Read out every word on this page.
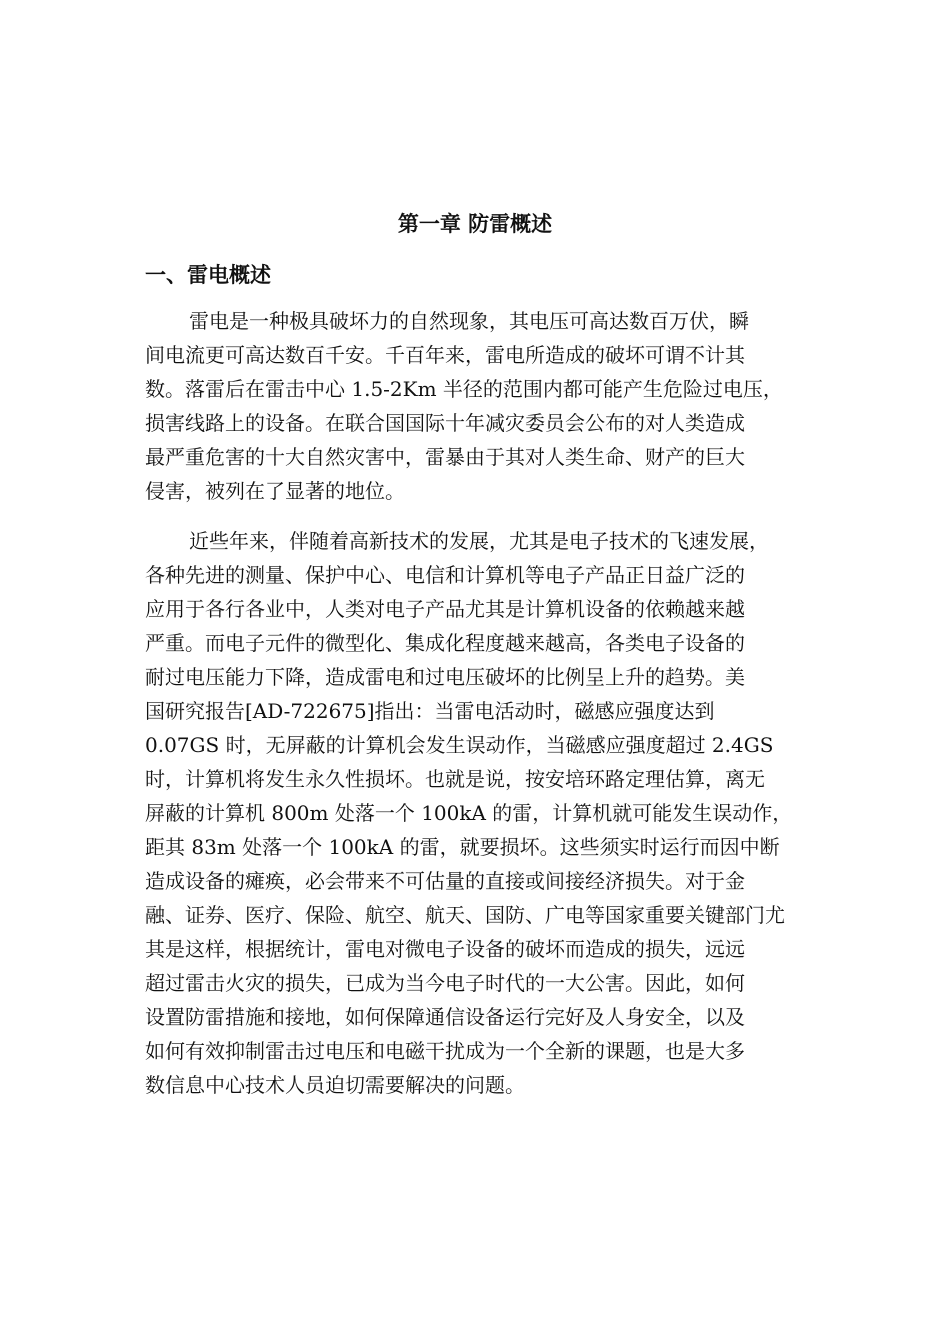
第一章 防雷概述
一、雷电概述
雷电是一种极具破坏力的自然现象，其电压可高达数百万伏，瞬
间电流更可高达数百千安。千百年来，雷电所造成的破坏可谓不计其
数。落雷后在雷击中心 1.5-2Km 半径的范围内都可能产生危险过电压，
损害线路上的设备。在联合国国际十年减灾委员会公布的对人类造成
最严重危害的十大自然灾害中，雷暴由于其对人类生命、财产的巨大
侵害，被列在了显著的地位。
近些年来，伴随着高新技术的发展，尤其是电子技术的飞速发展，
各种先进的测量、保护中心、电信和计算机等电子产品正日益广泛的
应用于各行各业中，人类对电子产品尤其是计算机设备的依赖越来越
严重。而电子元件的微型化、集成化程度越来越高，各类电子设备的
耐过电压能力下降，造成雷电和过电压破坏的比例呈上升的趋势。美
国研究报告[AD-722675]指出：当雷电活动时，磁感应强度达到
0.07GS 时，无屏蔽的计算机会发生误动作，当磁感应强度超过 2.4GS
时，计算机将发生永久性损坏。也就是说，按安培环路定理估算，离无
屏蔽的计算机 800m 处落一个 100kA 的雷，计算机就可能发生误动作，
距其 83m 处落一个 100kA 的雷，就要损坏。这些须实时运行而因中断
造成设备的瘫痪，必会带来不可估量的直接或间接经济损失。对于金
融、证券、医疗、保险、航空、航天、国防、广电等国家重要关键部门尤
其是这样，根据统计，雷电对微电子设备的破坏而造成的损失，远远
超过雷击火灾的损失，已成为当今电子时代的一大公害。因此，如何
设置防雷措施和接地，如何保障通信设备运行完好及人身安全，以及
如何有效抑制雷击过电压和电磁干扰成为一个全新的课题，也是大多
数信息中心技术人员迫切需要解决的问题。
